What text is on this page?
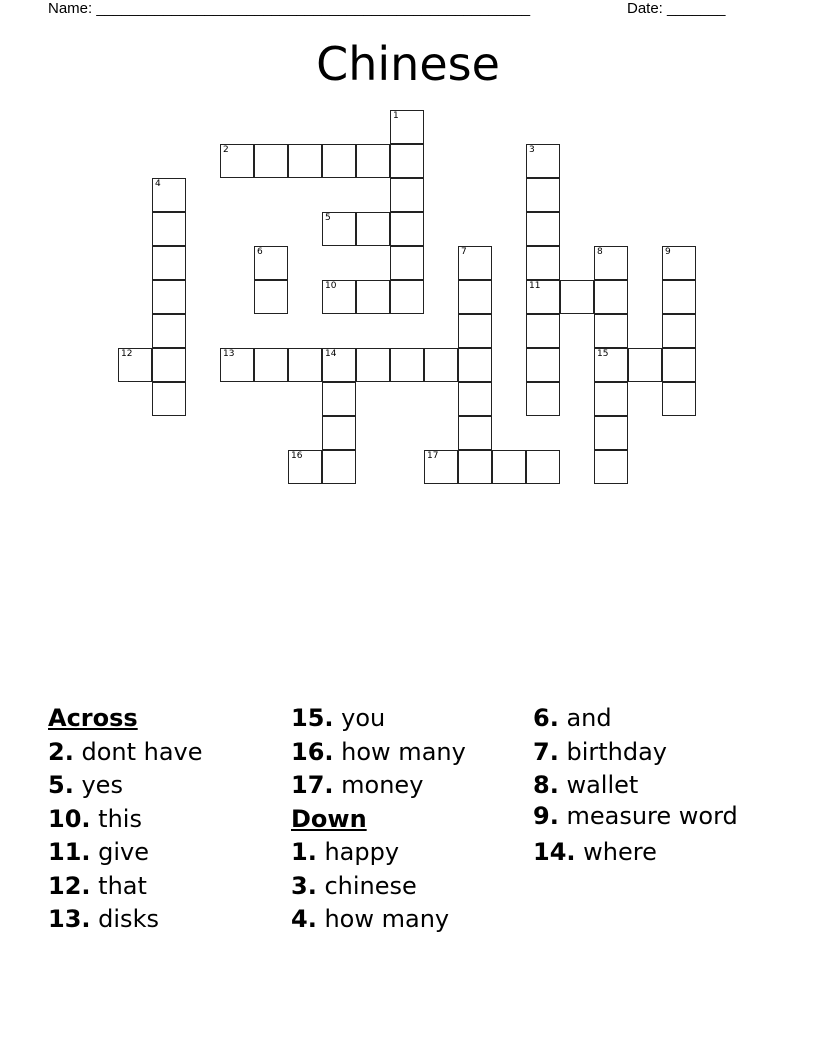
Name: ____________________________________________________	Date: _______
Chinese
1
2	3
11
4
5
6	7	8
15
9
10
12	13	14
16	17

Across

2. dont have

5. yes

10. this

11. give

12. that

13. disks

15. you

16. how many

17. money

Down

1. happy

3. chinese

4. how many

6. and

7. birthday

8. wallet

9. measure word

14. where
